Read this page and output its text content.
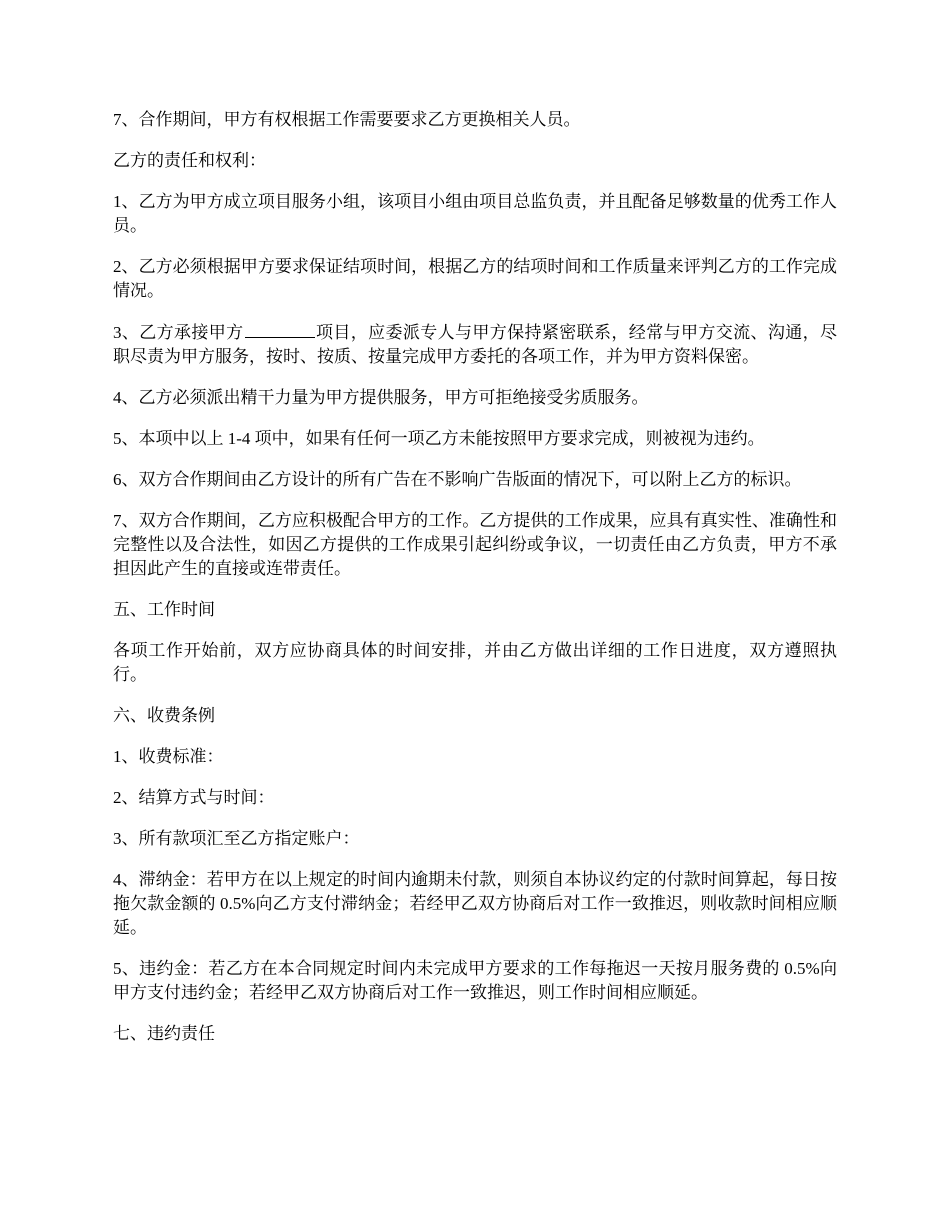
7、合作期间，甲方有权根据工作需要要求乙方更换相关人员。

乙方的责任和权利：

1、乙方为甲方成立项目服务小组，该项目小组由项目总监负责，并且配备足够数量的优秀工作人员。

2、乙方必须根据甲方要求保证结项时间，根据乙方的结项时间和工作质量来评判乙方的工作完成情况。

3、乙方承接甲方	项目，应委派专人与甲方保持紧密联系，经常与甲方交流、沟通，尽职尽责为甲方服务，按时、按质、按量完成甲方委托的各项工作，并为甲方资料保密。

4、乙方必须派出精干力量为甲方提供服务，甲方可拒绝接受劣质服务。

5、本项中以上 1-4 项中，如果有任何一项乙方未能按照甲方要求完成，则被视为违约。

6、双方合作期间由乙方设计的所有广告在不影响广告版面的情况下，可以附上乙方的标识。

7、双方合作期间，乙方应积极配合甲方的工作。乙方提供的工作成果，应具有真实性、准确性和完整性以及合法性，如因乙方提供的工作成果引起纠纷或争议，一切责任由乙方负责，甲方不承担因此产生的直接或连带责任。

五、工作时间

各项工作开始前，双方应协商具体的时间安排，并由乙方做出详细的工作日进度，双方遵照执行。

六、收费条例

1、收费标准：

2、结算方式与时间：

3、所有款项汇至乙方指定账户：

4、滞纳金：若甲方在以上规定的时间内逾期未付款，则须自本协议约定的付款时间算起，每日按拖欠款金额的 0.5%向乙方支付滞纳金；若经甲乙双方协商后对工作一致推迟，则收款时间相应顺延。

5、违约金：若乙方在本合同规定时间内未完成甲方要求的工作每拖迟一天按月服务费的 0.5%向甲方支付违约金；若经甲乙双方协商后对工作一致推迟，则工作时间相应顺延。

七、违约责任
